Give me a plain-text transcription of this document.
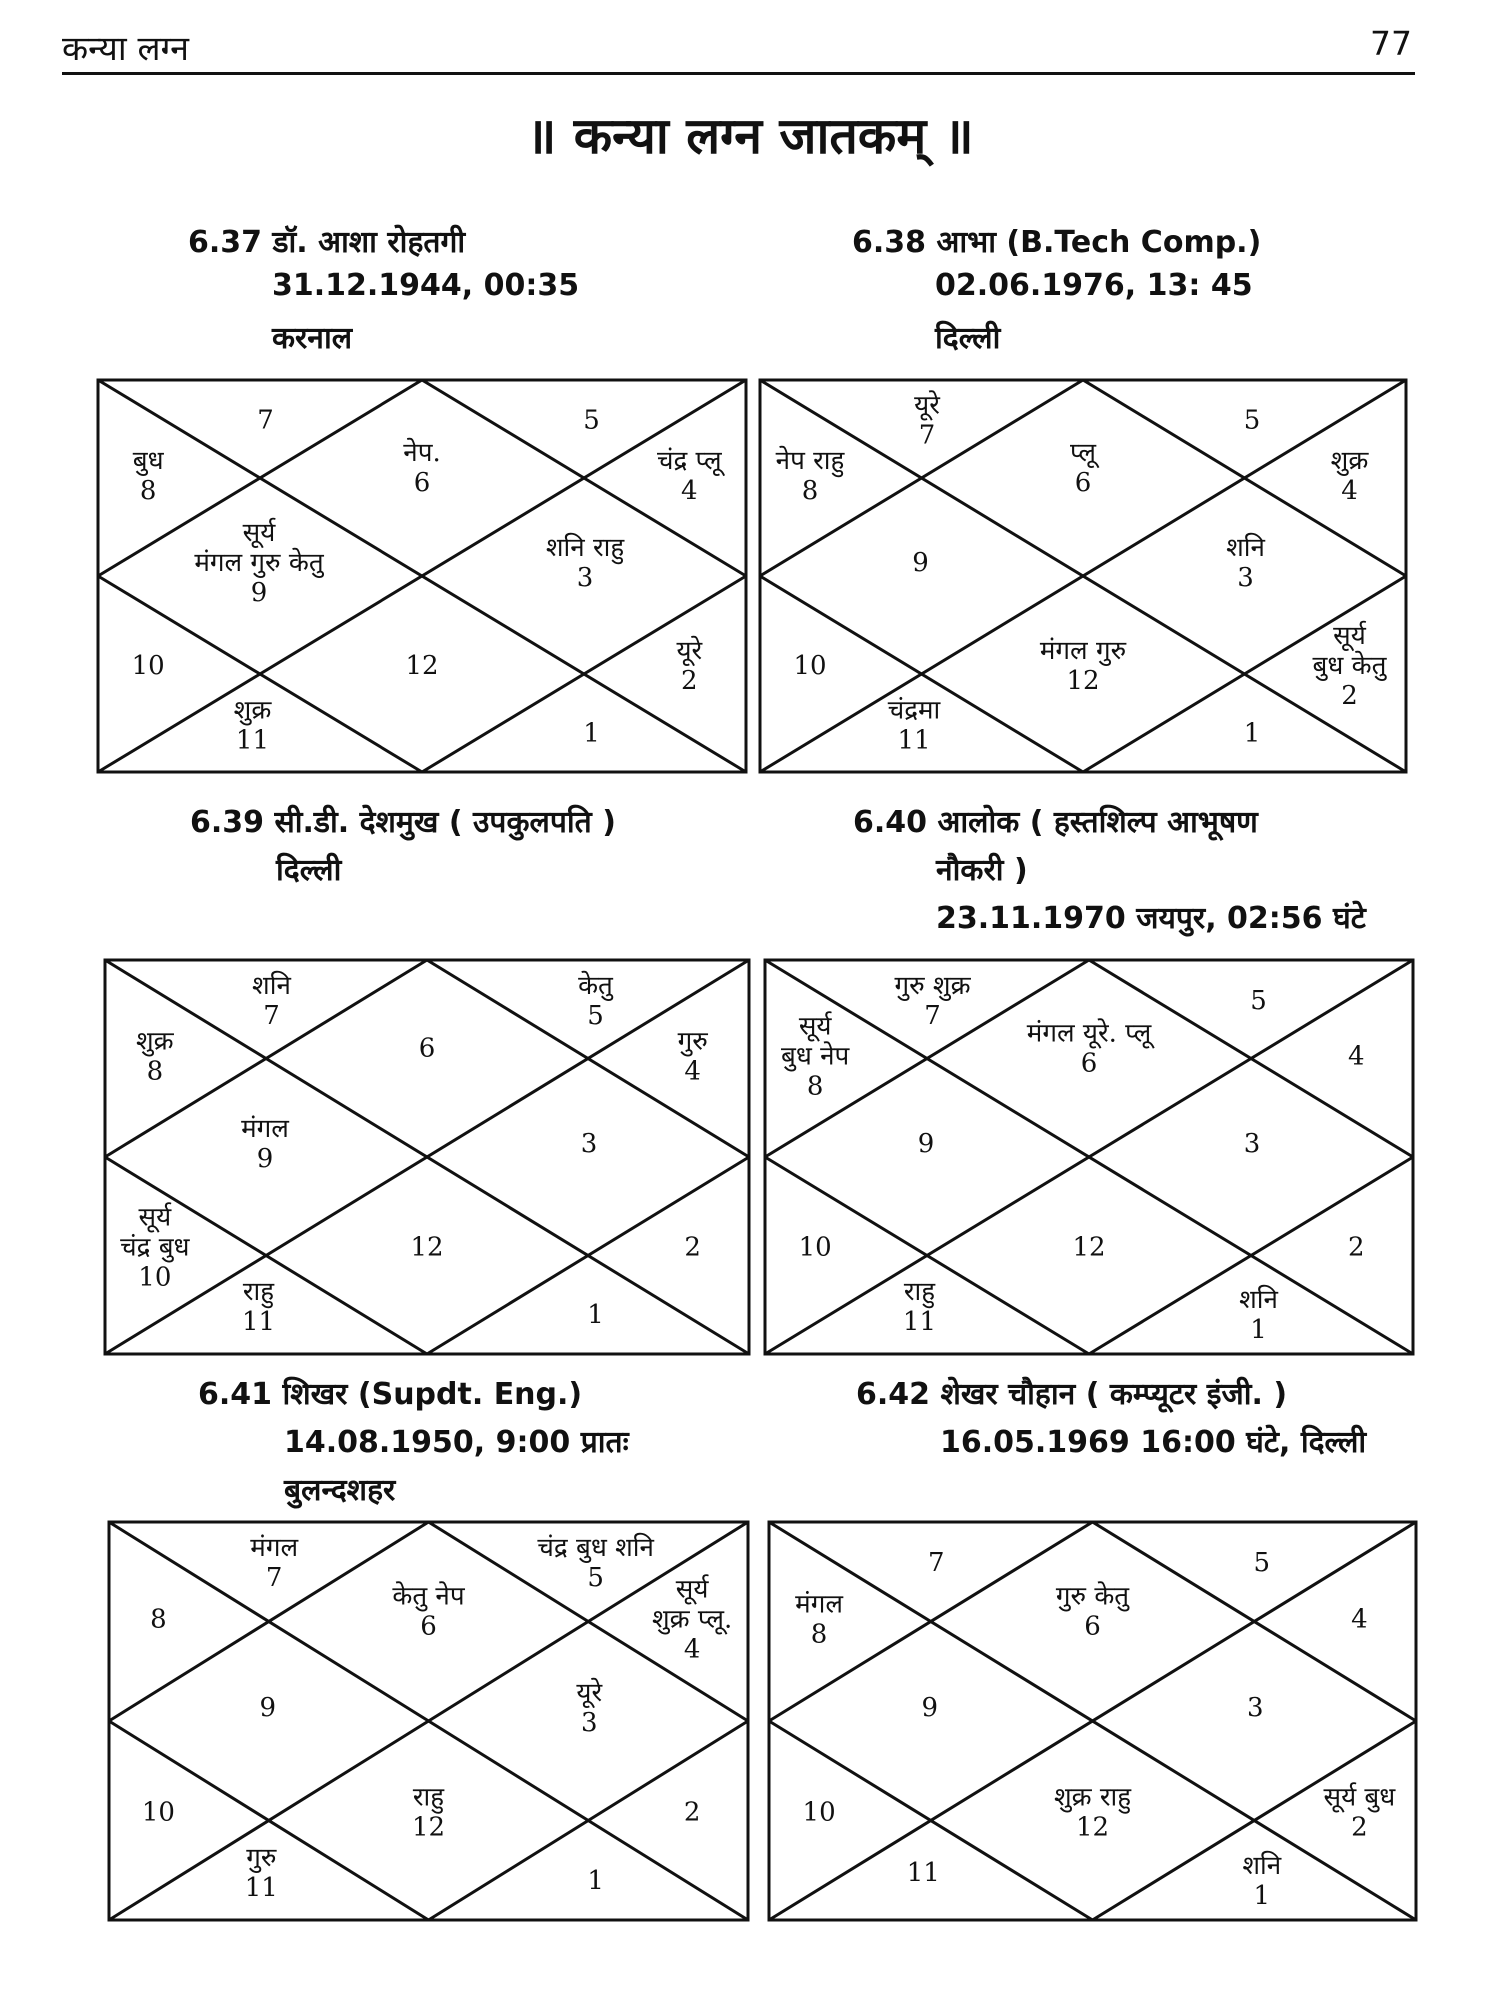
कन्या लग्न	77
॥ कन्या लग्न जातकम् ॥
6.37 डॉ. आशा रोहतगी
31.12.1944, 00:35
करनाल
6.38 आभा (B.Tech Comp.)
02.06.1976, 13: 45
दिल्ली
6.39 सी.डी. देशमुख ( उपकुलपति )
दिल्ली
6.40 आलोक ( हस्तशिल्प आभूषण
नौकरी )
23.11.1970 जयपुर, 02:56 घंटे
6.41 शिखर (Supdt. Eng.)
14.08.1950, 9:00 प्रातः
बुलन्दशहर
6.42 शेखर चौहान ( कम्प्यूटर इंजी. )
16.05.1969 16:00 घंटे, दिल्ली
7	5
बुध
8
नेप.
6
चंद्र प्लू
4
सूर्य
मंगल गुरु केतु
9
शनि राहु
3
10	12	यूरे
2
शुक्र
11	1
यूरे
7	5
नेप राहु
8
प्लू
6
शुक्र
4
9	शनि
3
10	मंगल गुरु
12
सूर्य
बुध केतु
2
चंद्रमा
11	1
शनि
7
केतु
5
शुक्र
8
6	गुरु
4
मंगल
9	3
सूर्य
चंद्र बुध
10
12	2
राहु
11	1
गुरु शुक्र
7	5
सूर्य
बुध नेप
8
मंगल यूरे. प्लू
6	4
9	3
10	12	2
राहु
11
शनि
1
मंगल
7
चंद्र बुध शनि
5
8
केतु नेप
6
सूर्य
शुक्र प्लू.
4
9	यूरे
3
10	राहु
12	2
गुरु
11	1
7	5
मंगल
8
गुरु केतु
6	4
9	3
10	शुक्र राहु
12
सूर्य बुध
2
11	शनि
1
